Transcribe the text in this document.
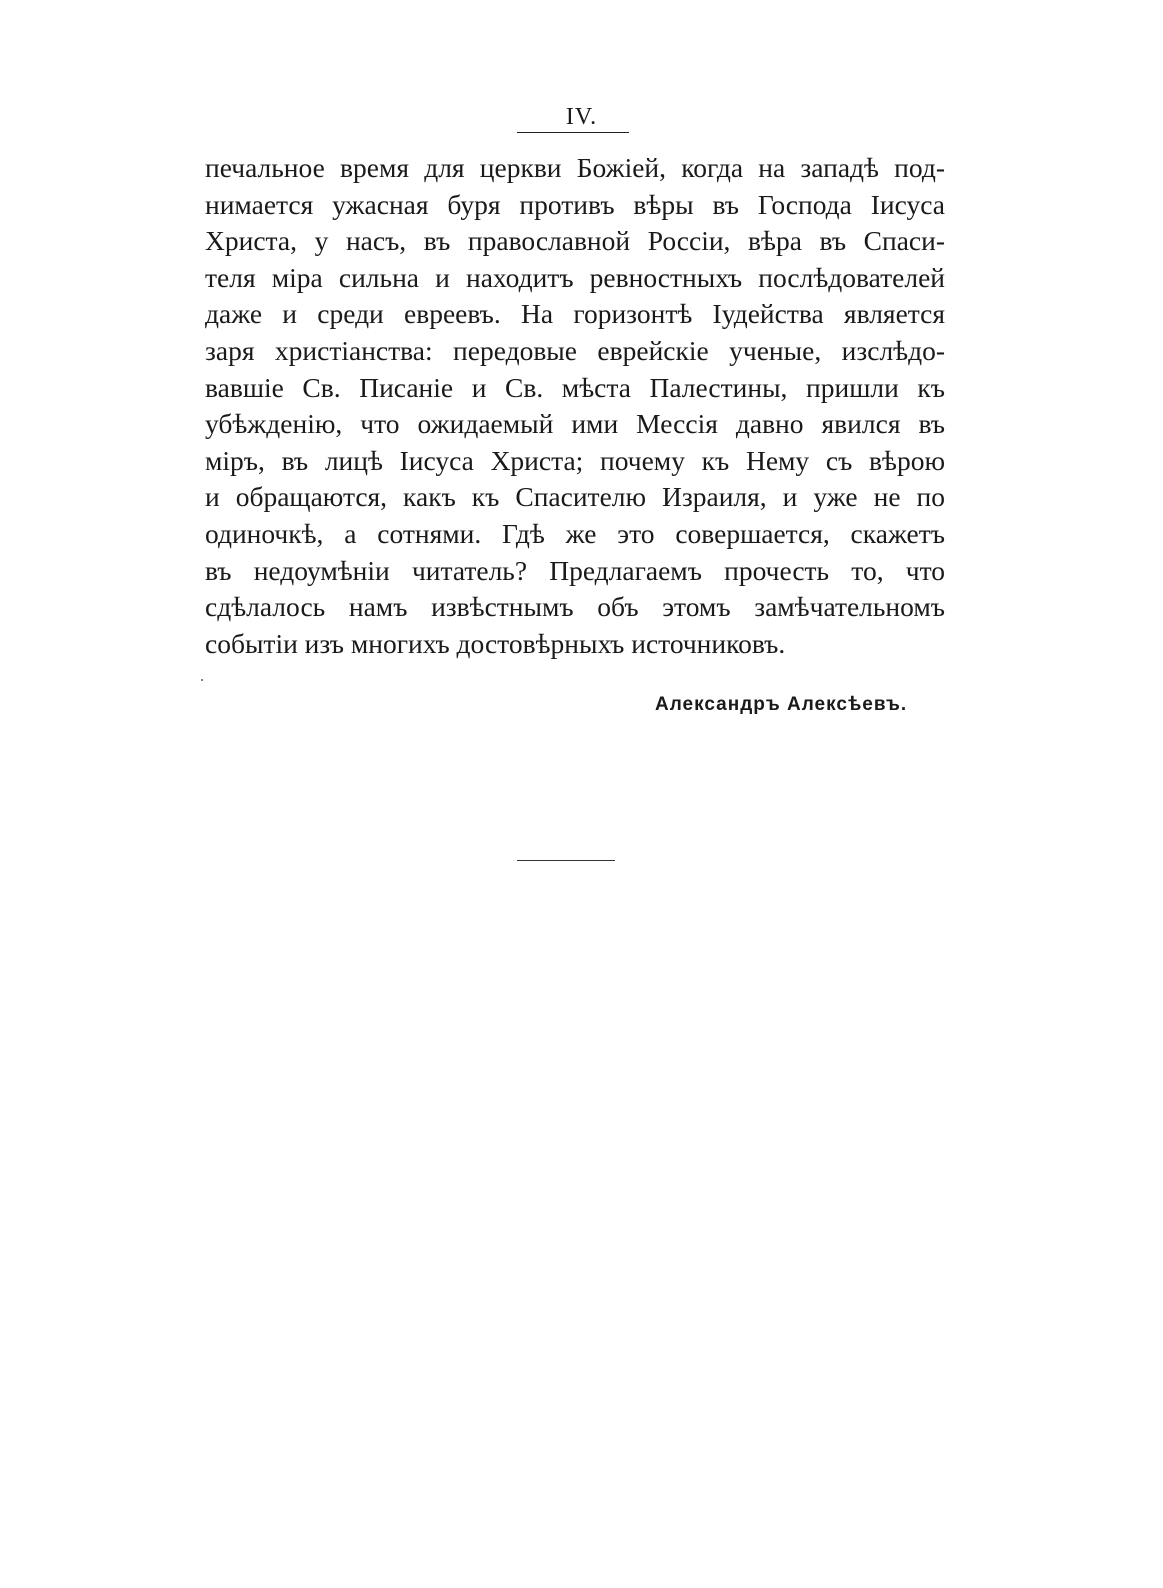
IV.
печальное время для церкви Божіей, когда на западѣ под-
нимается ужасная буря противъ вѣры въ Господа Іисуса
Христа, у насъ, въ православной Россіи, вѣра въ Спаси-
теля міра сильна и находитъ ревностныхъ послѣдователей
даже и среди евреевъ. На горизонтѣ Іудейства является
заря христіанства: передовые еврейскіе ученые, изслѣдо-
вавшіе Св. Писаніе и Св. мѣста Палестины, пришли къ
убѣжденію, что ожидаемый ими Мессія давно явился въ
міръ, въ лицѣ Іисуса Христа; почему къ Нему съ вѣрою
и обращаются, какъ къ Спасителю Израиля, и уже не по
одиночкѣ, а сотнями. Гдѣ же это совершается, скажетъ
въ недоумѣніи читатель? Предлагаемъ прочесть то, что
сдѣлалось намъ извѣстнымъ объ этомъ замѣчательномъ
событіи изъ многихъ достовѣрныхъ источниковъ.
Александръ Алексѣевъ.
